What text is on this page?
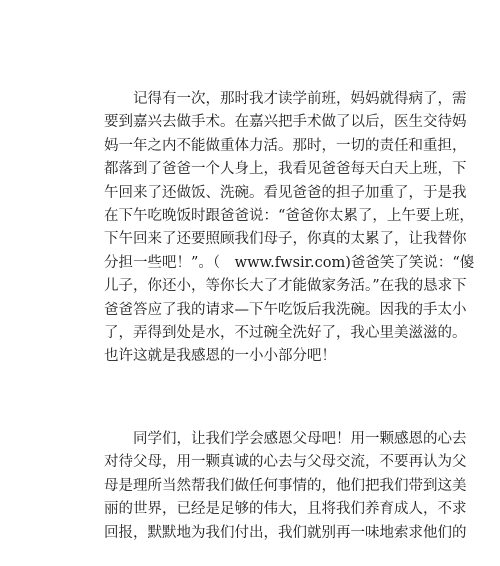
　　记得有一次，那时我才读学前班，妈妈就得病了，需
要到嘉兴去做手术。在嘉兴把手术做了以后，医生交待妈
妈一年之内不能做重体力活。那时，一切的责任和重担，
都落到了爸爸一个人身上，我看见爸爸每天白天上班，下
午回来了还做饭、洗碗。看见爸爸的担子加重了，于是我
在下午吃晚饭时跟爸爸说：“爸爸你太累了，上午要上班，
下午回来了还要照顾我们母子，你真的太累了，让我替你
分担一些吧！”。（　www.fwsir.com)爸爸笑了笑说：“傻
儿子，你还小，等你长大了才能做家务活。”在我的恳求下
爸爸答应了我的请求—下午吃饭后我洗碗。因我的手太小
了，弄得到处是水，不过碗全洗好了，我心里美滋滋的。
也许这就是我感恩的一小小部分吧！
　　同学们，让我们学会感恩父母吧！用一颗感恩的心去
对待父母，用一颗真诚的心去与父母交流，不要再认为父
母是理所当然帮我们做任何事情的，他们把我们带到这美
丽的世界，已经是足够的伟大，且将我们养育成人，不求
回报，默默地为我们付出，我们就别再一味地索求他们的
